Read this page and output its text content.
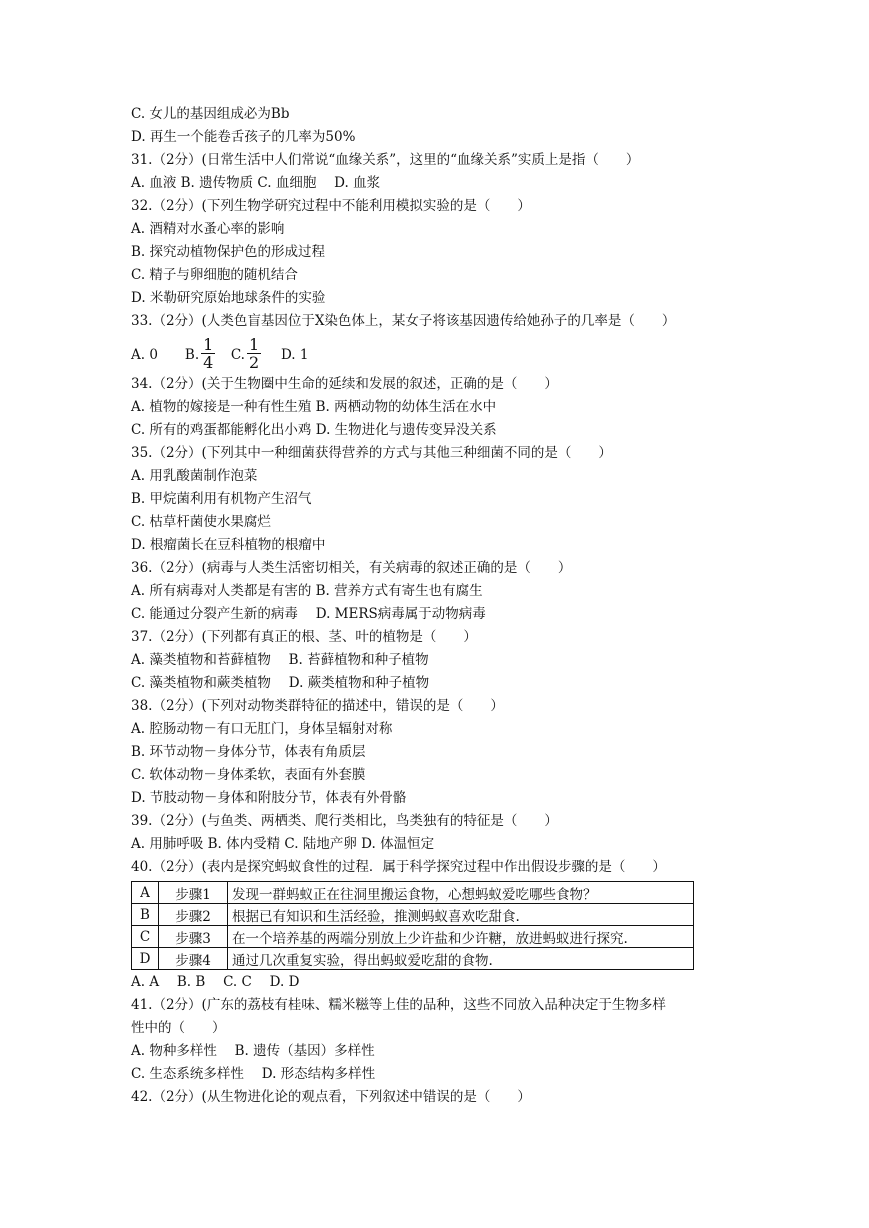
C. 女儿的基因组成必为Bb
D. 再生一个能卷舌孩子的几率为50%
31.（2分）(日常生活中人们常说“血缘关系”，这里的“血缘关系”实质上是指（　　）
A. 血液 B. 遗传物质 C. 血细胞　 D. 血浆
32.（2分）(下列生物学研究过程中不能利用模拟实验的是（　　）
A. 酒精对水蚤心率的影响
B. 探究动植物保护色的形成过程
C. 精子与卵细胞的随机结合
D. 米勒研究原始地球条件的实验
33.（2分）(人类色盲基因位于X染色体上，某女子将该基因遗传给她孙子的几率是（　　）
A. 0　　B. $\frac{1}{4}$ 　C. $\frac{1}{2}$ 　 D. 1
34.（2分）(关于生物圈中生命的延续和发展的叙述，正确的是（　　）
A. 植物的嫁接是一种有性生殖 B. 两栖动物的幼体生活在水中
C. 所有的鸡蛋都能孵化出小鸡 D. 生物进化与遗传变异没关系
35.（2分）(下列其中一种细菌获得营养的方式与其他三种细菌不同的是（　　）
A. 用乳酸菌制作泡菜
B. 甲烷菌利用有机物产生沼气
C. 枯草杆菌使水果腐烂
D. 根瘤菌长在豆科植物的根瘤中
36.（2分）(病毒与人类生活密切相关，有关病毒的叙述正确的是（　　）
A. 所有病毒对人类都是有害的 B. 营养方式有寄生也有腐生
C. 能通过分裂产生新的病毒　 D. MERS病毒属于动物病毒
37.（2分）(下列都有真正的根、茎、叶的植物是（　　）
A. 藻类植物和苔藓植物　 B. 苔藓植物和种子植物
C. 藻类植物和蕨类植物　 D. 蕨类植物和种子植物
38.（2分）(下列对动物类群特征的描述中，错误的是（　　）
A. 腔肠动物－有口无肛门，身体呈辐射对称
B. 环节动物－身体分节，体表有角质层
C. 软体动物－身体柔软，表面有外套膜
D. 节肢动物－身体和附肢分节，体表有外骨骼
39.（2分）(与鱼类、两栖类、爬行类相比，鸟类独有的特征是（　　）
A. 用肺呼吸 B. 体内受精 C. 陆地产卵 D. 体温恒定
40.（2分）(表内是探究蚂蚁食性的过程．属于科学探究过程中作出假设步骤的是（　　）
A	步骤1	发现一群蚂蚁正在往洞里搬运食物，心想蚂蚁爱吃哪些食物？
B	步骤2	根据已有知识和生活经验，推测蚂蚁喜欢吃甜食.
C	步骤3	在一个培养基的两端分别放上少许盐和少许糖，放进蚂蚁进行探究.
D	步骤4	通过几次重复实验，得出蚂蚁爱吃甜的食物.
A. A　 B. B　 C. C　 D. D
41.（2分）(广东的荔枝有桂味、糯米糍等上佳的品种，这些不同放入品种决定于生物多样
性中的（　　）
A. 物种多样性　 B. 遗传（基因）多样性
C. 生态系统多样性　 D. 形态结构多样性
42.（2分）(从生物进化论的观点看，下列叙述中错误的是（　　）
